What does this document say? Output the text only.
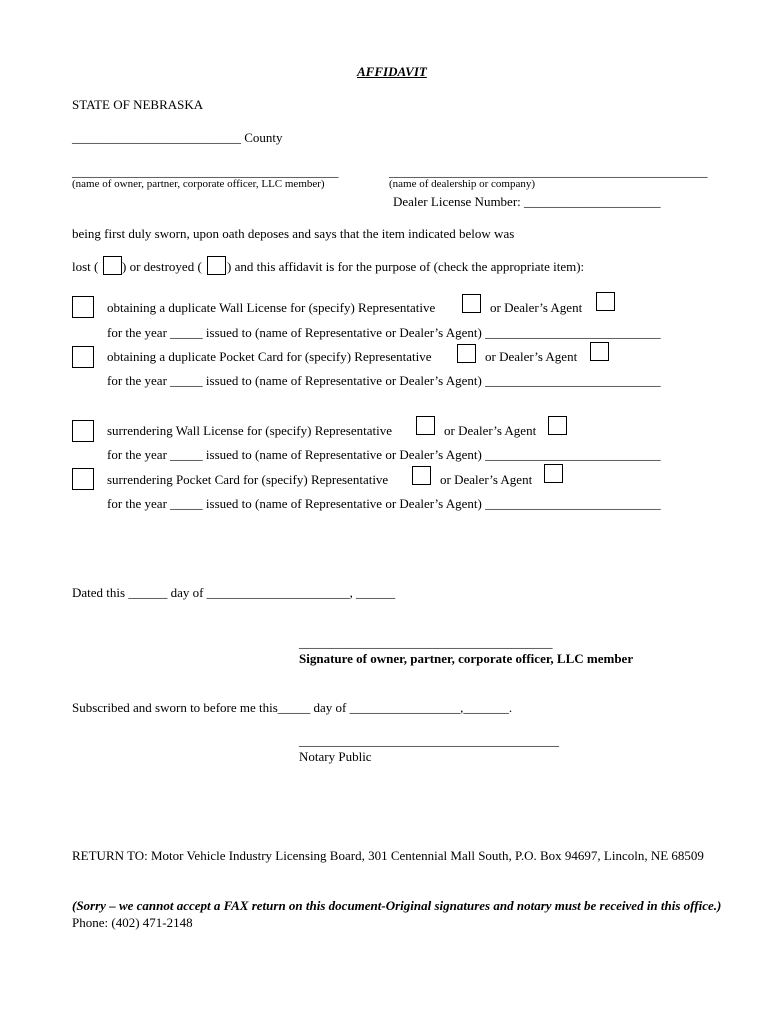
AFFIDAVIT
STATE OF NEBRASKA
__________________________ County
_________________________________________	_________________________________________________
(name of owner, partner, corporate officer, LLC member)	(name of dealership or company)
Dealer License Number: _____________________
being first duly sworn, upon oath deposes and says that the item indicated below was
lost ( ) or destroyed ( ) and this affidavit is for the purpose of (check the appropriate item):
obtaining a duplicate Wall License for (specify) Representative	or Dealer’s Agent
for the year _____ issued to (name of Representative or Dealer’s Agent) ___________________________
obtaining a duplicate Pocket Card for (specify) Representative	or Dealer’s Agent
for the year _____ issued to (name of Representative or Dealer’s Agent) ___________________________
surrendering Wall License for (specify) Representative	or Dealer’s Agent
for the year _____ issued to (name of Representative or Dealer’s Agent) ___________________________
surrendering Pocket Card for (specify) Representative	or Dealer’s Agent
for the year _____ issued to (name of Representative or Dealer’s Agent) ___________________________
Dated this ______ day of ______________________, ______
_______________________________________
Signature of owner, partner, corporate officer, LLC member
Subscribed and sworn to before me this_____ day of _________________,_______.
________________________________________
Notary Public
RETURN TO: Motor Vehicle Industry Licensing Board, 301 Centennial Mall South, P.O. Box 94697, Lincoln, NE 68509
(Sorry – we cannot accept a FAX return on this document-Original signatures and notary must be received in this office.) Phone: (402) 471-2148
